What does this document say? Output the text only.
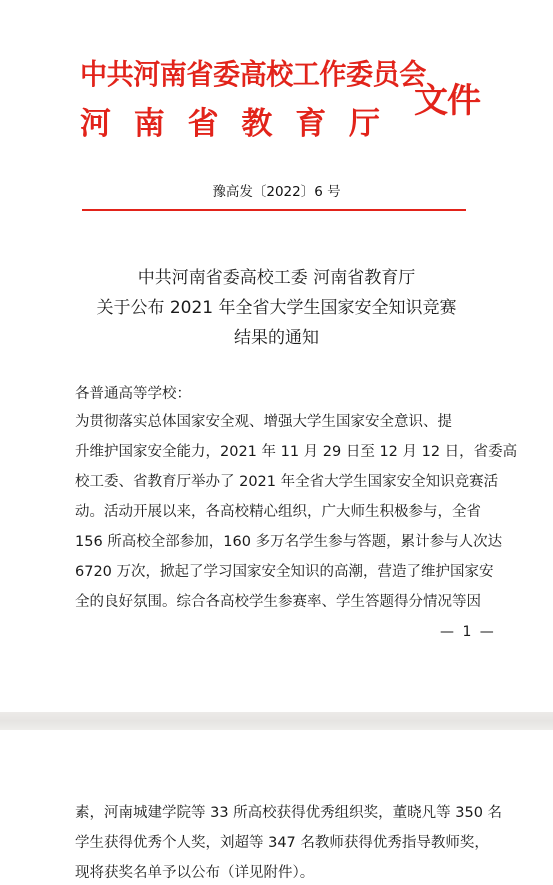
中共河南省委高校工作委员会
河南省教育厅
文件
豫高发〔2022〕6 号
中共河南省委高校工委 河南省教育厅
关于公布 2021 年全省大学生国家安全知识竞赛
结果的通知
各普通高等学校：
为贯彻落实总体国家安全观、增强大学生国家安全意识、提
升维护国家安全能力，2021 年 11 月 29 日至 12 月 12 日，省委高
校工委、省教育厅举办了 2021 年全省大学生国家安全知识竞赛活
动。活动开展以来，各高校精心组织，广大师生积极参与，全省
156 所高校全部参加，160 多万名学生参与答题，累计参与人次达
6720 万次，掀起了学习国家安全知识的高潮，营造了维护国家安
全的良好氛围。综合各高校学生参赛率、学生答题得分情况等因
— 1 —
素，河南城建学院等 33 所高校获得优秀组织奖，董晓凡等 350 名
学生获得优秀个人奖，刘超等 347 名教师获得优秀指导教师奖，
现将获奖名单予以公布（详见附件）。
